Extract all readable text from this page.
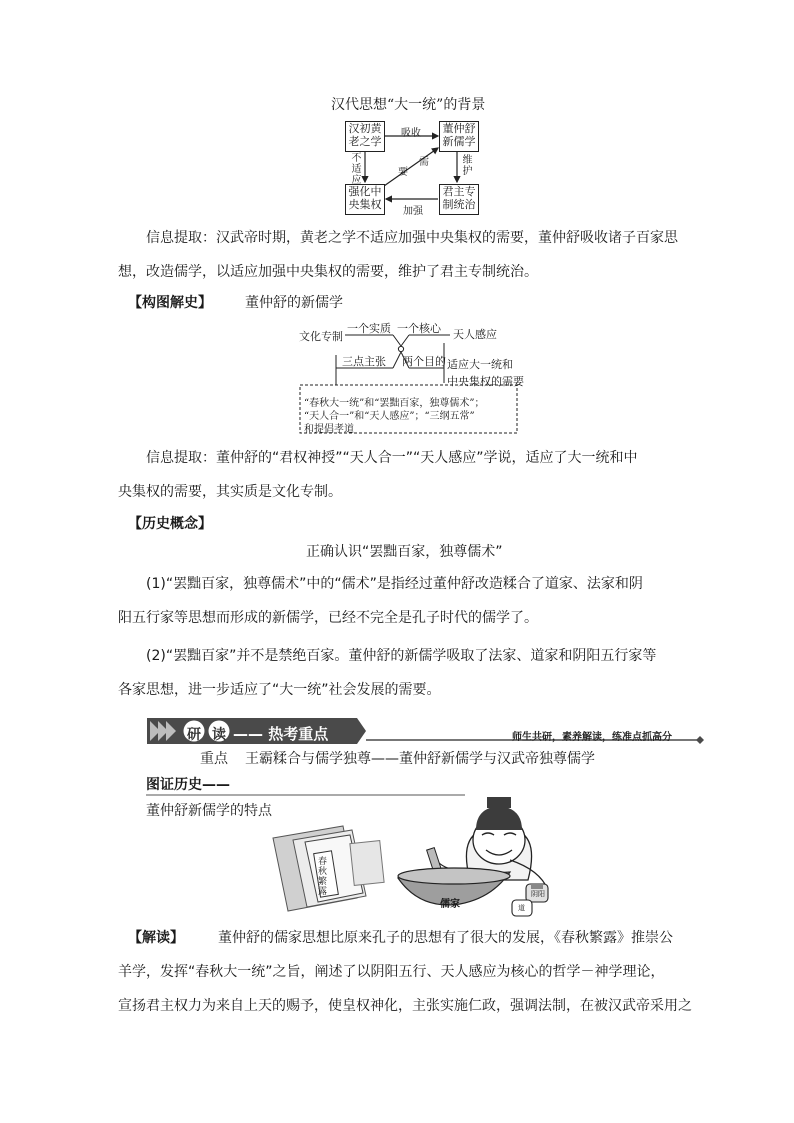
汉代思想“大一统”的背景
汉初黄老之学
董仲舒新儒学
强化中央集权
君主专制统治
吸收
不适应
维护
加强
需
要
信息提取：汉武帝时期，黄老之学不适应加强中央集权的需要，董仲舒吸收诸子百家思
想，改造儒学，以适应加强中央集权的需要，维护了君主专制统治。
【构图解史】 董仲舒的新儒学
文化专制
一个实质 一个核心 天人感应
三点主张 两个目的 适应大一统和
中央集权的需要
“春秋大一统”和“罢黜百家，独尊儒术”；
“天人合一”和“天人感应”；“三纲五常”
和提倡孝道
信息提取：董仲舒的“君权神授”“天人合一”“天人感应”学说，适应了大一统和中
央集权的需要，其实质是文化专制。
【历史概念】
正确认识“罢黜百家，独尊儒术”
(1)“罢黜百家，独尊儒术”中的“儒术”是指经过董仲舒改造糅合了道家、法家和阴
阳五行家等思想而形成的新儒学，已经不完全是孔子时代的儒学了。
(2)“罢黜百家”并不是禁绝百家。董仲舒的新儒学吸取了法家、道家和阴阳五行家等
各家思想，进一步适应了“大一统”社会发展的需要。
研 读 —— 热考重点	师生共研，素养解读，练准点抓高分
重点 王霸糅合与儒学独尊——董仲舒新儒学与汉武帝独尊儒学
图证历史——
董仲舒新儒学的特点
春秋繁露
儒家
阴阳
道
【解读】 董仲舒的儒家思想比原来孔子的思想有了很大的发展，《春秋繁露》推崇公
羊学，发挥“春秋大一统”之旨，阐述了以阴阳五行、天人感应为核心的哲学－神学理论，
宣扬君主权力为来自上天的赐予，使皇权神化，主张实施仁政，强调法制，在被汉武帝采用之
